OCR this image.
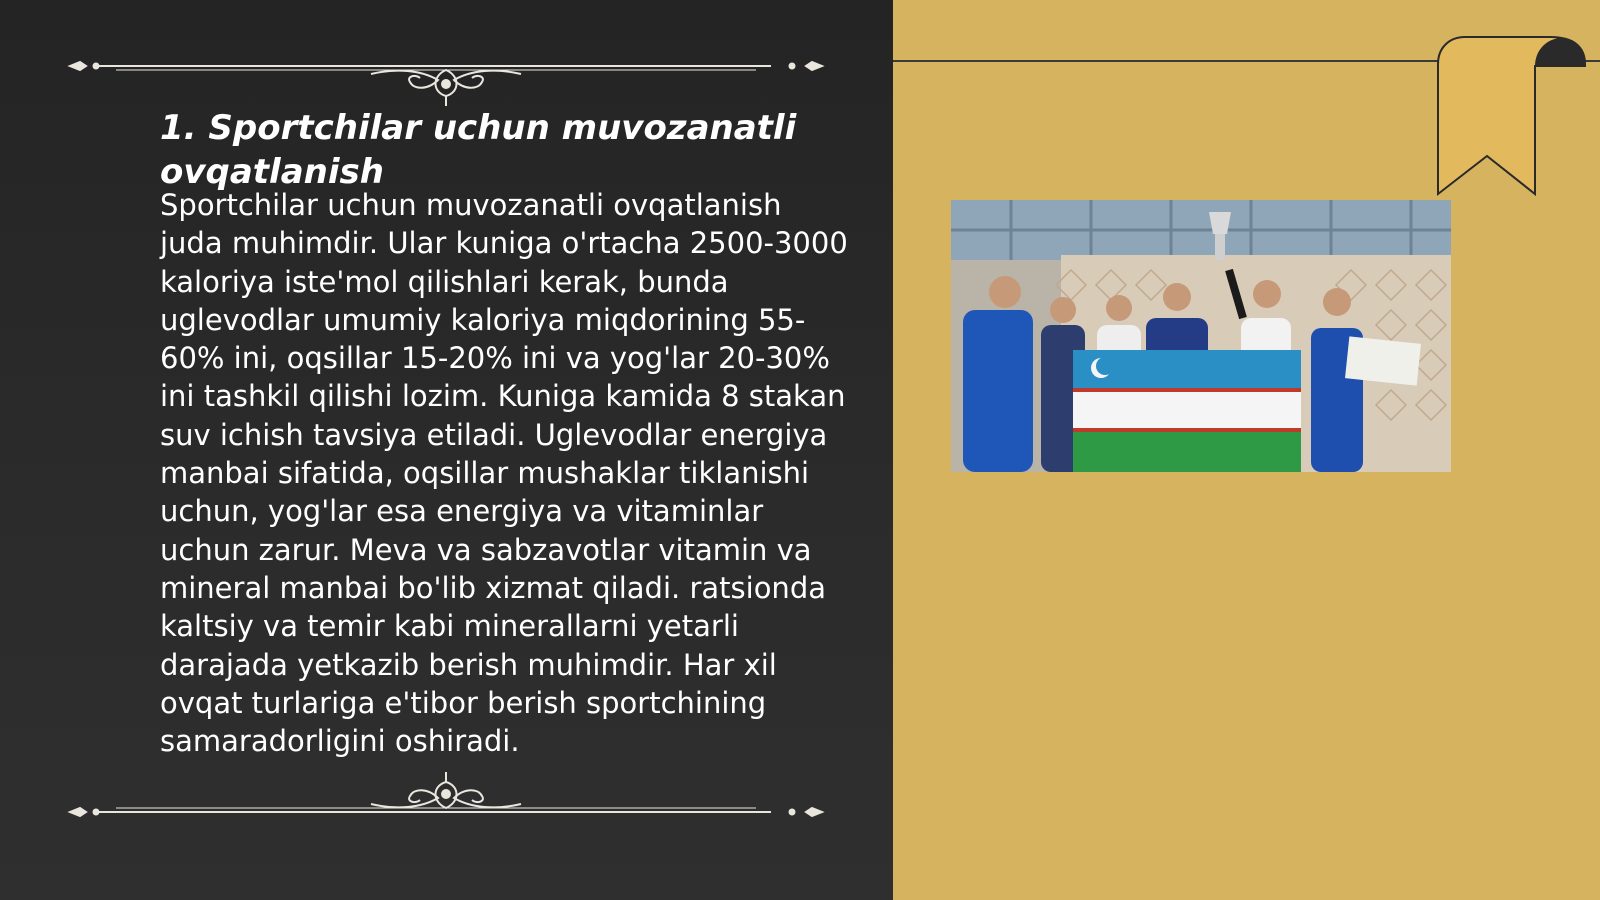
1. Sportchilar uchun muvozanatli ovqatlanish

Sportchilar uchun muvozanatli ovqatlanish juda muhimdir. Ular kuniga o'rtacha 2500-3000 kaloriya iste'mol qilishlari kerak, bunda uglevodlar umumiy kaloriya miqdorining 55-60% ini, oqsillar 15-20% ini va yog'lar 20-30% ini tashkil qilishi lozim. Kuniga kamida 8 stakan suv ichish tavsiya etiladi. Uglevodlar energiya manbai sifatida, oqsillar mushaklar tiklanishi uchun, yog'lar esa energiya va vitaminlar uchun zarur. Meva va sabzavotlar vitamin va mineral manbai bo'lib xizmat qiladi. ratsionda kaltsiy va temir kabi minerallarni yetarli darajada yetkazib berish muhimdir. Har xil ovqat turlariga e'tibor berish sportchining samaradorligini oshiradi.
